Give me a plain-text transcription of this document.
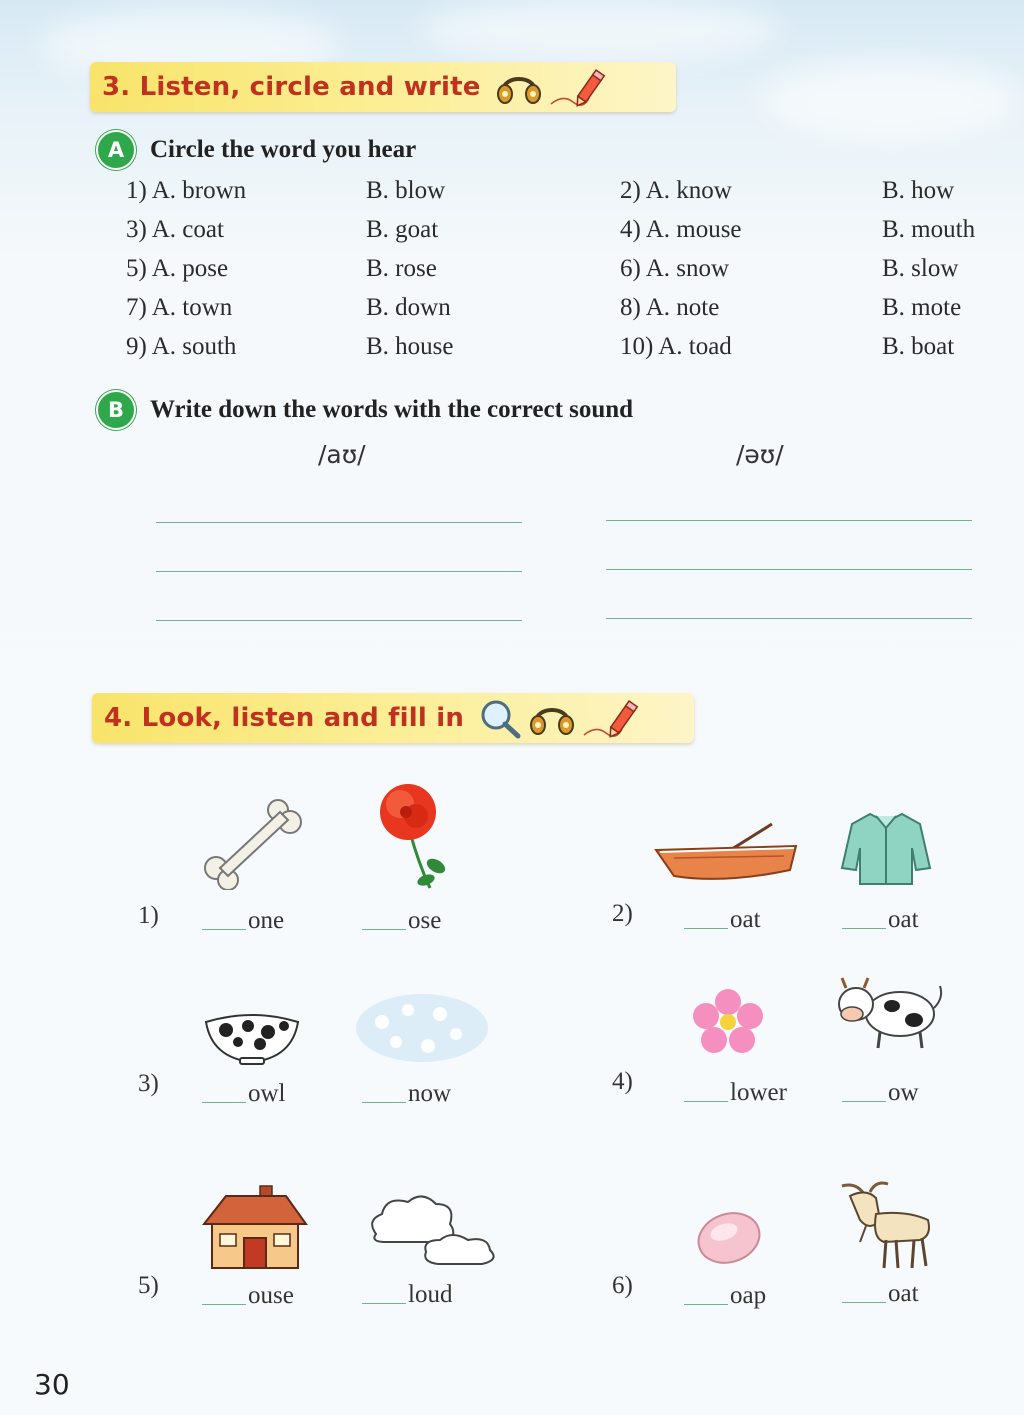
3. Listen, circle and write
A	Circle the word you hear
1) A. brown	B. blow	2) A. know	B. how
3) A. coat	B. goat	4) A. mouse	B. mouth
5) A. pose	B. rose	6) A. snow	B. slow
7) A. town	B. down	8) A. note	B. mote
9) A. south	B. house	10) A. toad	B. boat
B	Write down the words with the correct sound
/aʊ/	/əʊ/
4. Look, listen and fill in
1)	one	ose	2)	oat	oat
3)	owl	now	4)	lower	ow
5)	ouse	loud	6)	oap	oat
30
